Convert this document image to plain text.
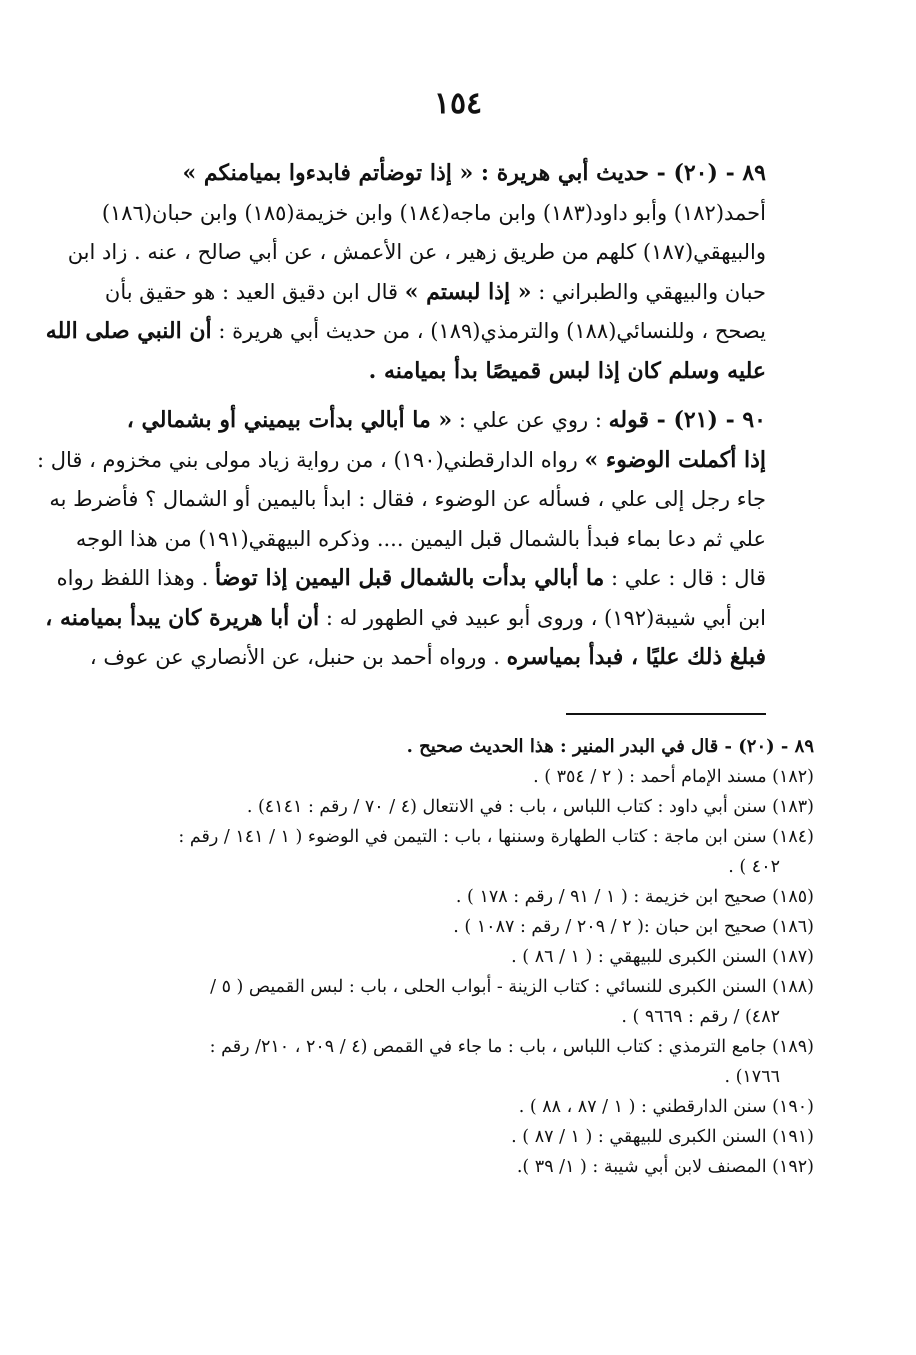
١٥٤
٨٩ - (٢٠) - حديث أبي هريرة : « إذا توضأتم فابدءوا بميامنكم »
أحمد(١٨٢) وأبو داود(١٨٣) وابن ماجه(١٨٤) وابن خزيمة(١٨٥) وابن حبان(١٨٦)
والبيهقي(١٨٧) كلهم من طريق زهير ، عن الأعمش ، عن أبي صالح ، عنه . زاد ابن
حبان والبيهقي والطبراني : « إذا لبستم » قال ابن دقيق العيد : هو حقيق بأن
يصحح ، وللنسائي(١٨٨) والترمذي(١٨٩) ، من حديث أبي هريرة : أن النبي صلى الله
عليه وسلم كان إذا لبس قميصًا بدأ بميامنه .
٩٠ - (٢١) - قوله : روي عن علي : « ما أبالي بدأت بيميني أو بشمالي ،
إذا أكملت الوضوء » رواه الدارقطني(١٩٠) ، من رواية زياد مولى بني مخزوم ، قال :
جاء رجل إلى علي ، فسأله عن الوضوء ، فقال : ابدأ باليمين أو الشمال ؟ فأضرط به
علي ثم دعا بماء فبدأ بالشمال قبل اليمين .... وذكره البيهقي(١٩١) من هذا الوجه
قال : قال : علي : ما أبالي بدأت بالشمال قبل اليمين إذا توضأ . وهذا اللفظ رواه
ابن أبي شيبة(١٩٢) ، وروى أبو عبيد في الطهور له : أن أبا هريرة كان يبدأ بميامنه ،
فبلغ ذلك عليًا ، فبدأ بمياسره . ورواه أحمد بن حنبل، عن الأنصاري عن عوف ،
٨٩ - (٢٠) - قال في البدر المنير : هذا الحديث صحيح .
(١٨٢) مسند الإمام أحمد : ( ٢ / ٣٥٤ ) .
(١٨٣) سنن أبي داود : كتاب اللباس ، باب : في الانتعال (٤ / ٧٠ / رقم : ٤١٤١) .
(١٨٤) سنن ابن ماجة : كتاب الطهارة وسننها ، باب : التيمن في الوضوء ( ١ / ١٤١ / رقم :
٤٠٢ ) .
(١٨٥) صحيح ابن خزيمة : ( ١ / ٩١ / رقم : ١٧٨ ) .
(١٨٦) صحيح ابن حبان :( ٢ / ٢٠٩ / رقم : ١٠٨٧ ) .
(١٨٧) السنن الكبرى للبيهقي : ( ١ / ٨٦ ) .
(١٨٨) السنن الكبرى للنسائي : كتاب الزينة - أبواب الحلى ، باب : لبس القميص ( ٥ /
٤٨٢) / رقم : ٩٦٦٩ ) .
(١٨٩) جامع الترمذي : كتاب اللباس ، باب : ما جاء في القمص (٤ / ٢٠٩ ، ٢١٠/ رقم :
١٧٦٦) .
(١٩٠) سنن الدارقطني : ( ١ / ٨٧ ، ٨٨ ) .
(١٩١) السنن الكبرى للبيهقي : ( ١ / ٨٧ ) .
(١٩٢) المصنف لابن أبي شيبة : ( ١/ ٣٩ ).
